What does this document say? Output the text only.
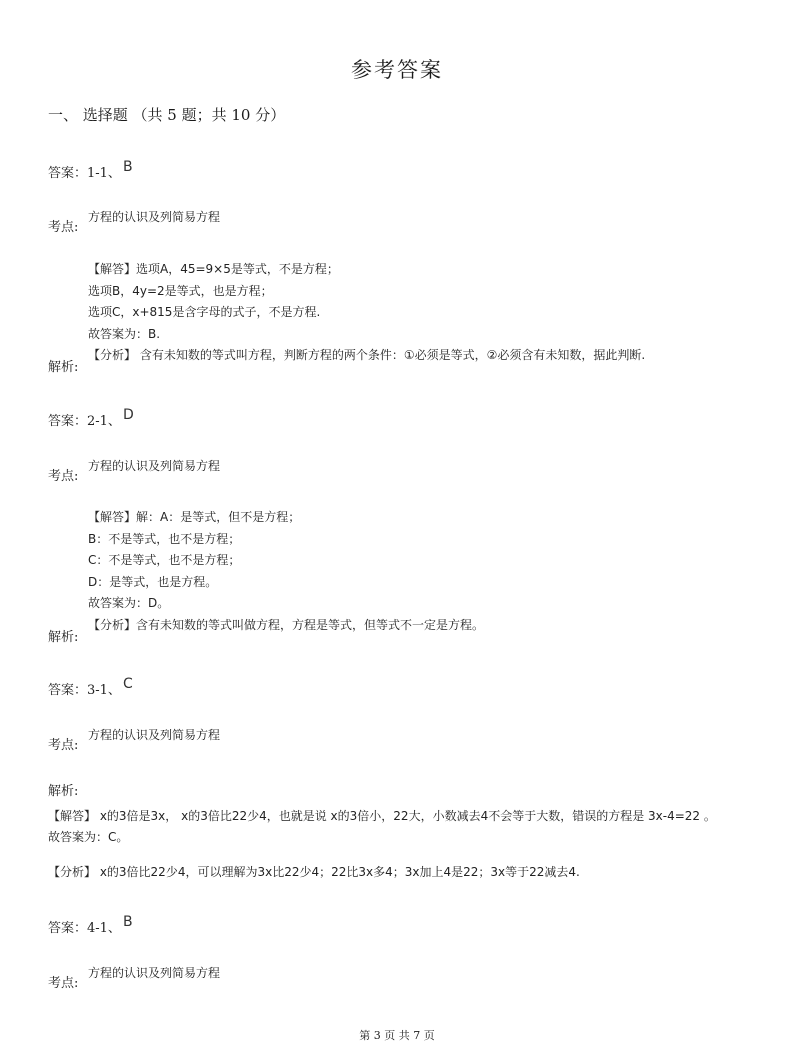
参考答案
一、 选择题 （共 5 题；共 10 分）
答案：1-1、 B
考点:
方程的认识及列简易方程
【解答】选项A，45=9×5是等式，不是方程；
选项B，4y=2是等式，也是方程；
选项C，x+815是含字母的式子，不是方程.
故答案为：B.
【分析】 含有未知数的等式叫方程，判断方程的两个条件：①必须是等式，②必须含有未知数，据此判断.
解析:
答案：2-1、 D
考点:
方程的认识及列简易方程
【解答】解：A：是等式，但不是方程；
B：不是等式，也不是方程；
C：不是等式，也不是方程；
D：是等式，也是方程。
故答案为：D。
【分析】含有未知数的等式叫做方程，方程是等式，但等式不一定是方程。
解析:
答案：3-1、 C
考点:
方程的认识及列简易方程
解析:
【解答】 x的3倍是3x， x的3倍比22少4，也就是说 x的3倍小，22大，小数减去4不会等于大数，错误的方程是 3x-4=22 。
故答案为：C。
【分析】 x的3倍比22少4，可以理解为3x比22少4；22比3x多4；3x加上4是22；3x等于22减去4.
答案：4-1、 B
考点:
方程的认识及列简易方程
第 3 页 共 7 页
